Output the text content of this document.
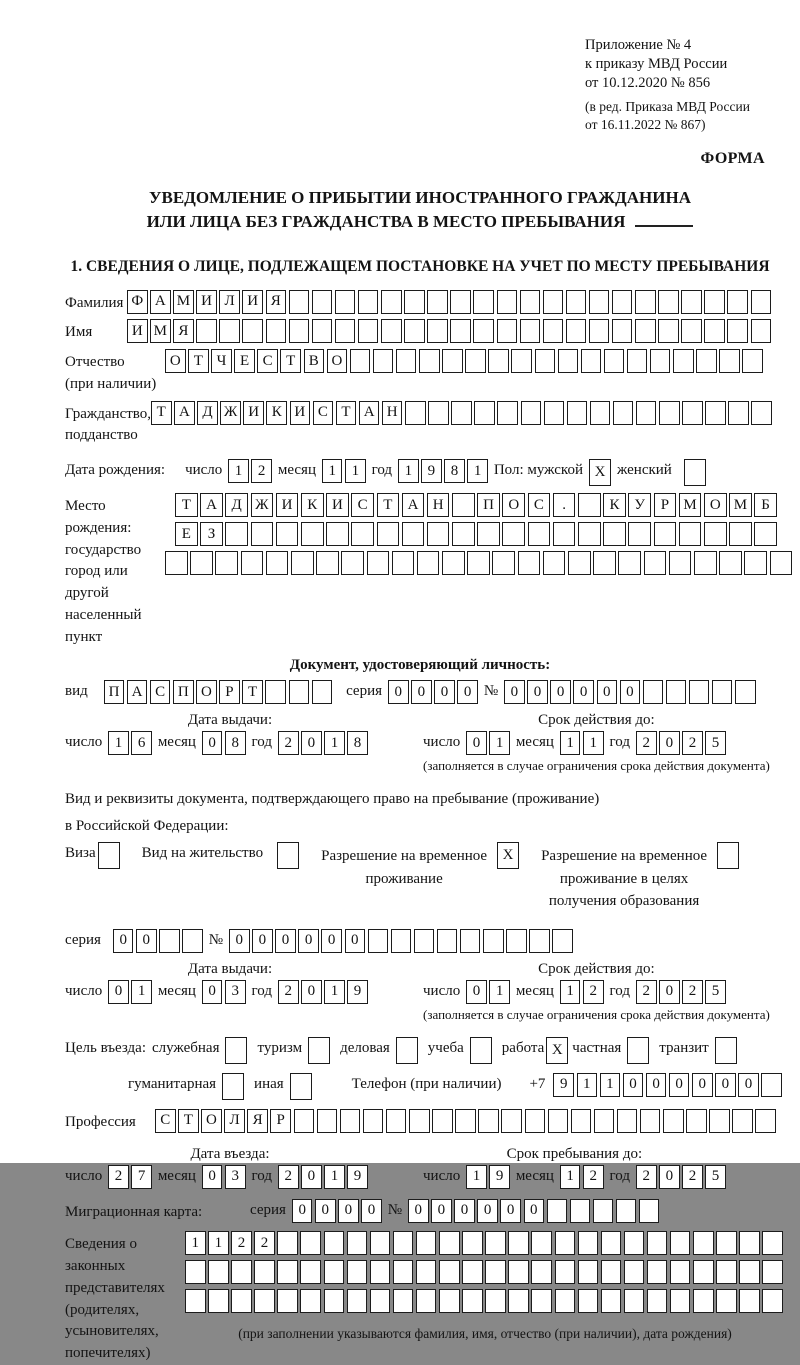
Приложение № 4
к приказу МВД России
от 10.12.2020 № 856
(в ред. Приказа МВД России
от 16.11.2022 № 867)
ФОРМА
УВЕДОМЛЕНИЕ О ПРИБЫТИИ ИНОСТРАННОГО ГРАЖДАНИНА
ИЛИ ЛИЦА БЕЗ ГРАЖДАНСТВА В МЕСТО ПРЕБЫВАНИЯ
1. СВЕДЕНИЯ О ЛИЦЕ, ПОДЛЕЖАЩЕМ ПОСТАНОВКЕ НА УЧЕТ ПО МЕСТУ ПРЕБЫВАНИЯ
Фамилия Ф А М И Л И Я
Имя	И М Я
Отчество
(при наличии)
О Т Ч Е С Т В О
Гражданство,
подданство
Т А Д Ж И К И С Т А Н
Дата рождения: число 1	2 месяц 1	1 год 1	9	8	1 Пол: мужской X женский
Место рождения:
государство
город или другой
населенный пункт
Т	А Д Ж И К И С	Т	А Н	П О С	.	К У	Р М О М Б
Е	З
Документ, удостоверяющий личность:
вид	П А С П О Р Т	серия 0	0	0	0 № 0	0	0	0	0	0
Дата выдачи:
число 1	6 месяц 0	8 год 2	0	1	8
Срок действия до:
число 0	1 месяц 1	1 год 2	0	2	5
(заполняется в случае ограничения срока действия документа)
Вид и реквизиты документа, подтверждающего право на пребывание (проживание)
в Российской Федерации:
Виза	Вид на жительство	Разрешение на временное
проживание
X	Разрешение на временное
проживание в целях
получения образования
серия	0	0	№ 0	0	0	0	0	0
Дата выдачи:
число 0	1 месяц 0	3 год 2	0	1	9
Срок действия до:
число 0	1 месяц 1	2 год 2	0	2	5
(заполняется в случае ограничения срока действия документа)
Цель въезда: служебная	туризм	деловая	учеба	работа X частная	транзит
гуманитарная	иная	Телефон (при наличии) +7 9	1	1	0	0	0	0	0	0
Профессия	С Т О Л Я Р
Дата въезда:
число 2	7 месяц 0	3 год 2	0	1	9
Срок пребывания до:
число 1	9 месяц 1	2 год 2	0	2	5
Миграционная карта:	серия 0	0	0	0 № 0	0	0	0	0	0
Сведения о
законных
представителях
(родителях,
усыновителях,
попечителях)
1	1	2	2
(при заполнении указываются фамилия, имя, отчество (при наличии), дата рождения)
